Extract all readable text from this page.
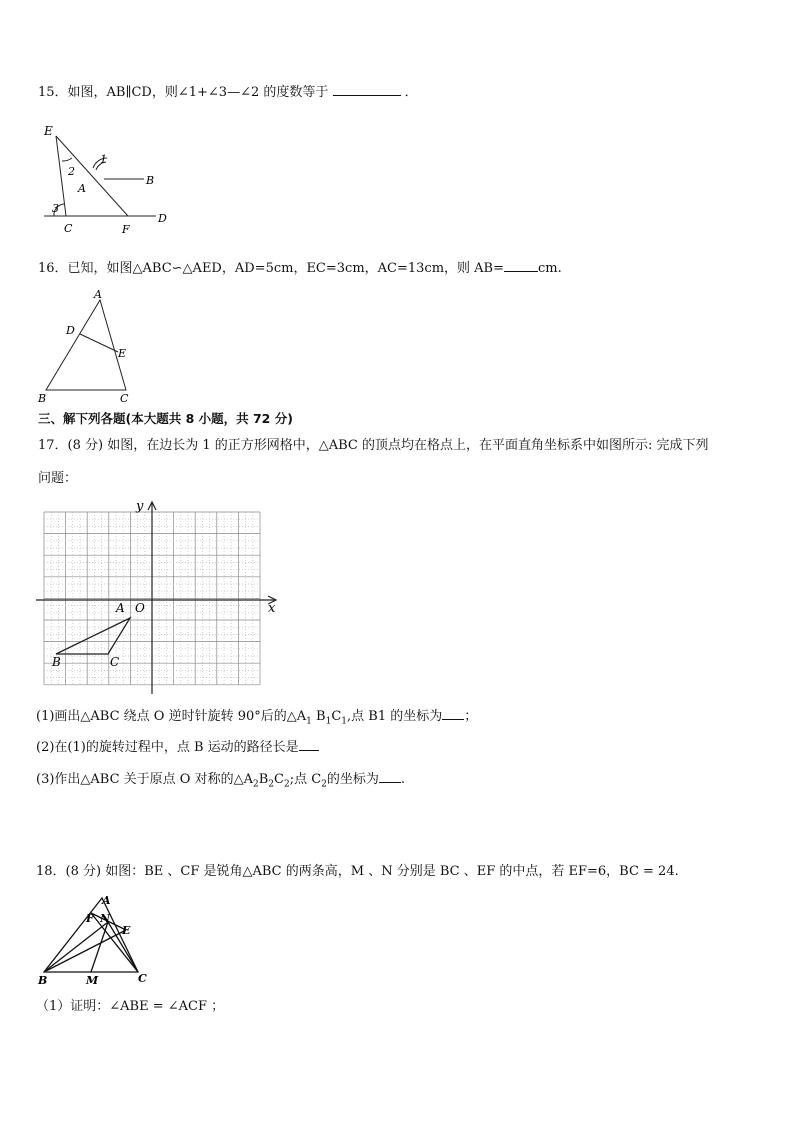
15．如图，AB∥CD，则∠1+∠3—∠2 的度数等于	．
E
1
2
A
B
3
C	F
D
16．已知，如图△ABC∽△AED，AD=5cm，EC=3cm，AC=13cm，则 AB=	cm.
A
D
E
B	C
三、解下列各题(本大题共 8 小题，共 72 分)
17．(8 分) 如图，在边长为 1 的正方形网格中，△ABC 的顶点均在格点上，在平面直角坐标系中如图所示: 完成下列
问题：
y
x
O
A
B	C
(1)画出△ABC 绕点 O 逆时针旋转 90°后的$\triangle A_1$ $B_1C_1$,点 B1 的坐标为 ；
(2)在(1)的旋转过程中，点 B 运动的路径长是
(3)作出△ABC 关于原点 O 对称的$\triangle A_2B_2C_2$;点 $C_2$的坐标为 .
18．(8 分) 如图：BE 、CF 是锐角△ABC 的两条高，M 、N 分别是 BC 、EF 的中点，若 EF=6，BC = 24.
A
F N
E
B	M	C
（1）证明：∠ABE = ∠ACF ；
